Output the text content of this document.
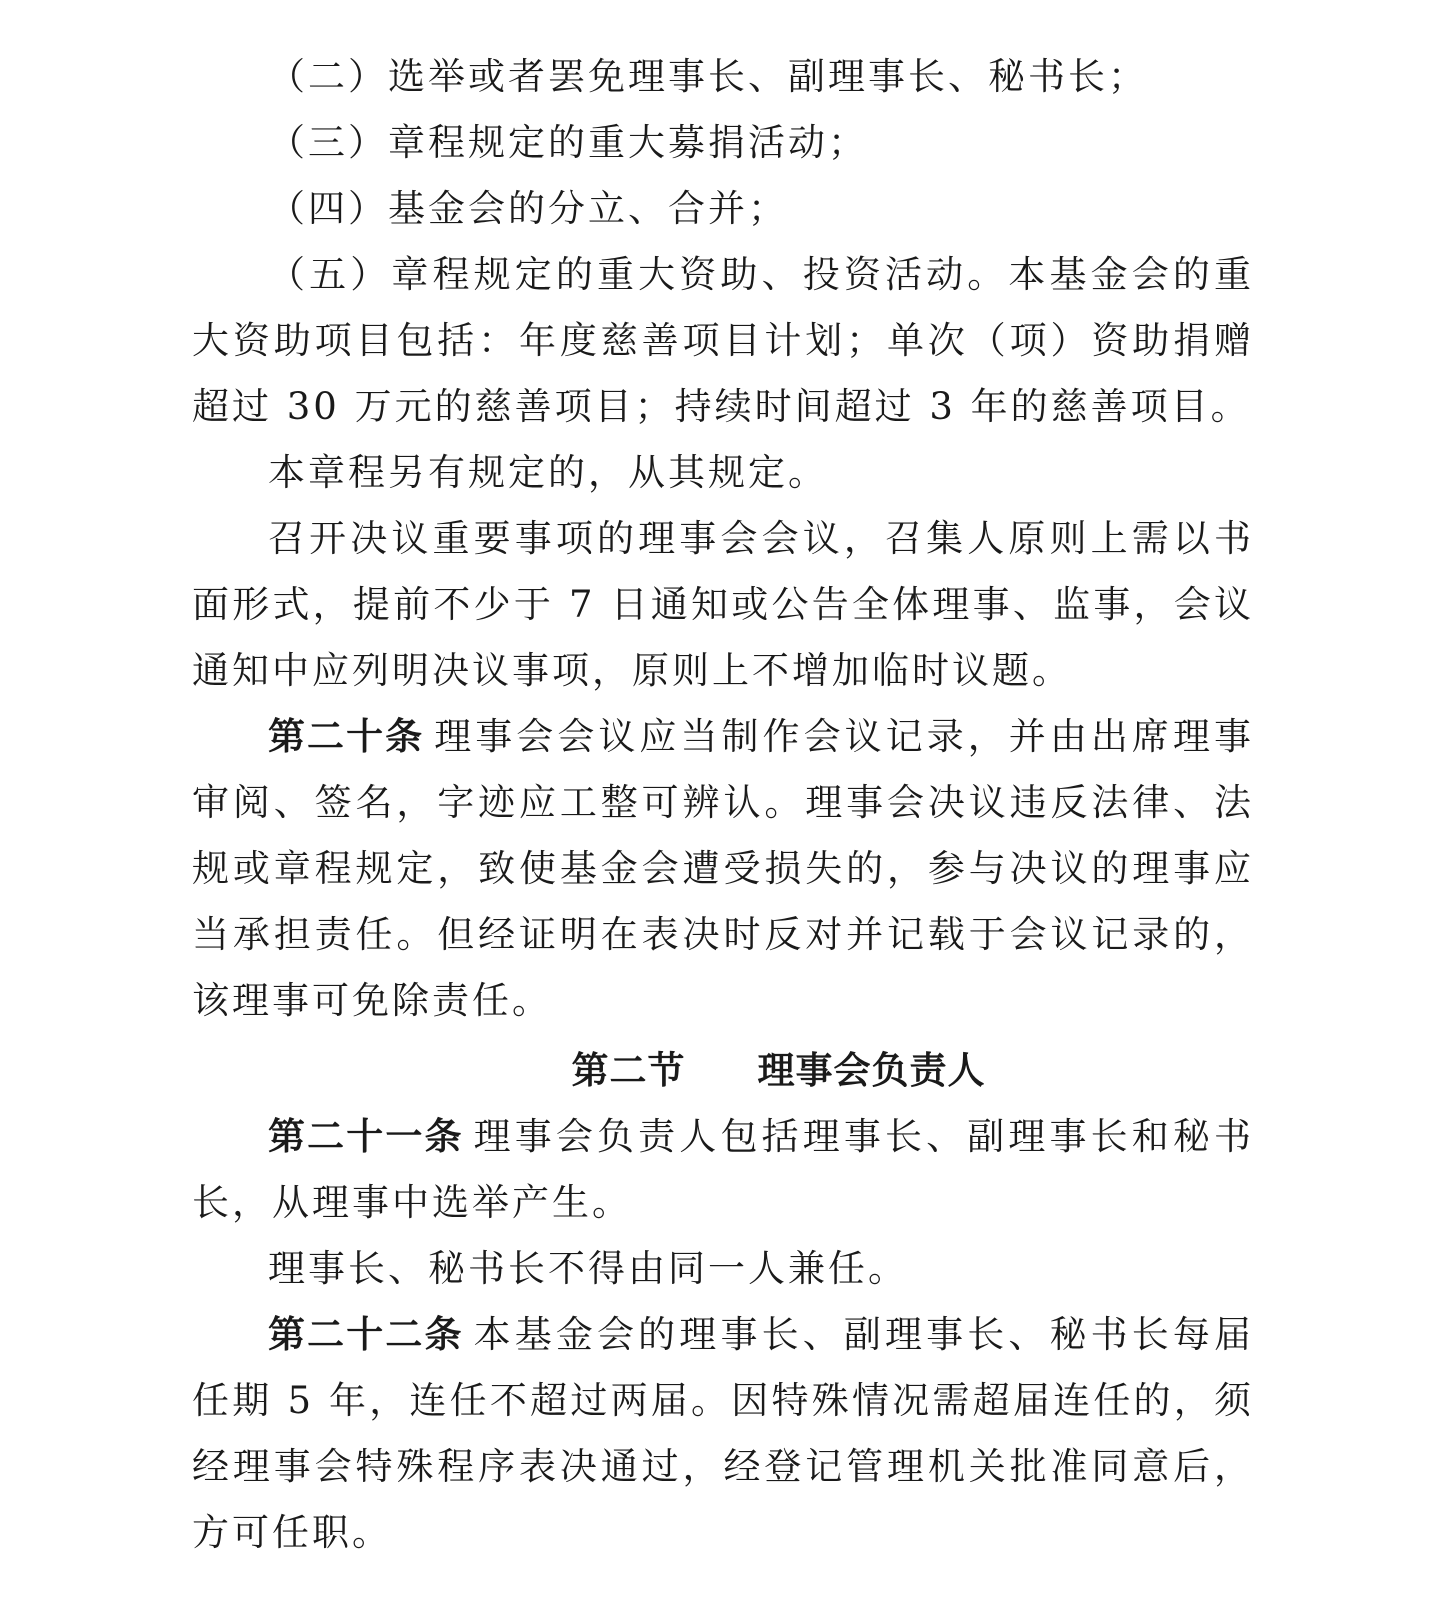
（二）选举或者罢免理事长、副理事长、秘书长；

（三）章程规定的重大募捐活动；

（四）基金会的分立、合并；

（五）章程规定的重大资助、投资活动。本基金会的重大资助项目包括：年度慈善项目计划；单次（项）资助捐赠超过 30 万元的慈善项目；持续时间超过 3 年的慈善项目。

本章程另有规定的，从其规定。

召开决议重要事项的理事会会议，召集人原则上需以书面形式，提前不少于 7 日通知或公告全体理事、监事，会议通知中应列明决议事项，原则上不增加临时议题。

第二十条 理事会会议应当制作会议记录，并由出席理事审阅、签名，字迹应工整可辨认。理事会决议违反法律、法规或章程规定，致使基金会遭受损失的，参与决议的理事应当承担责任。但经证明在表决时反对并记载于会议记录的，该理事可免除责任。

第二节 理事会负责人

第二十一条 理事会负责人包括理事长、副理事长和秘书长，从理事中选举产生。

理事长、秘书长不得由同一人兼任。

第二十二条 本基金会的理事长、副理事长、秘书长每届任期 5 年，连任不超过两届。因特殊情况需超届连任的，须经理事会特殊程序表决通过，经登记管理机关批准同意后，方可任职。
